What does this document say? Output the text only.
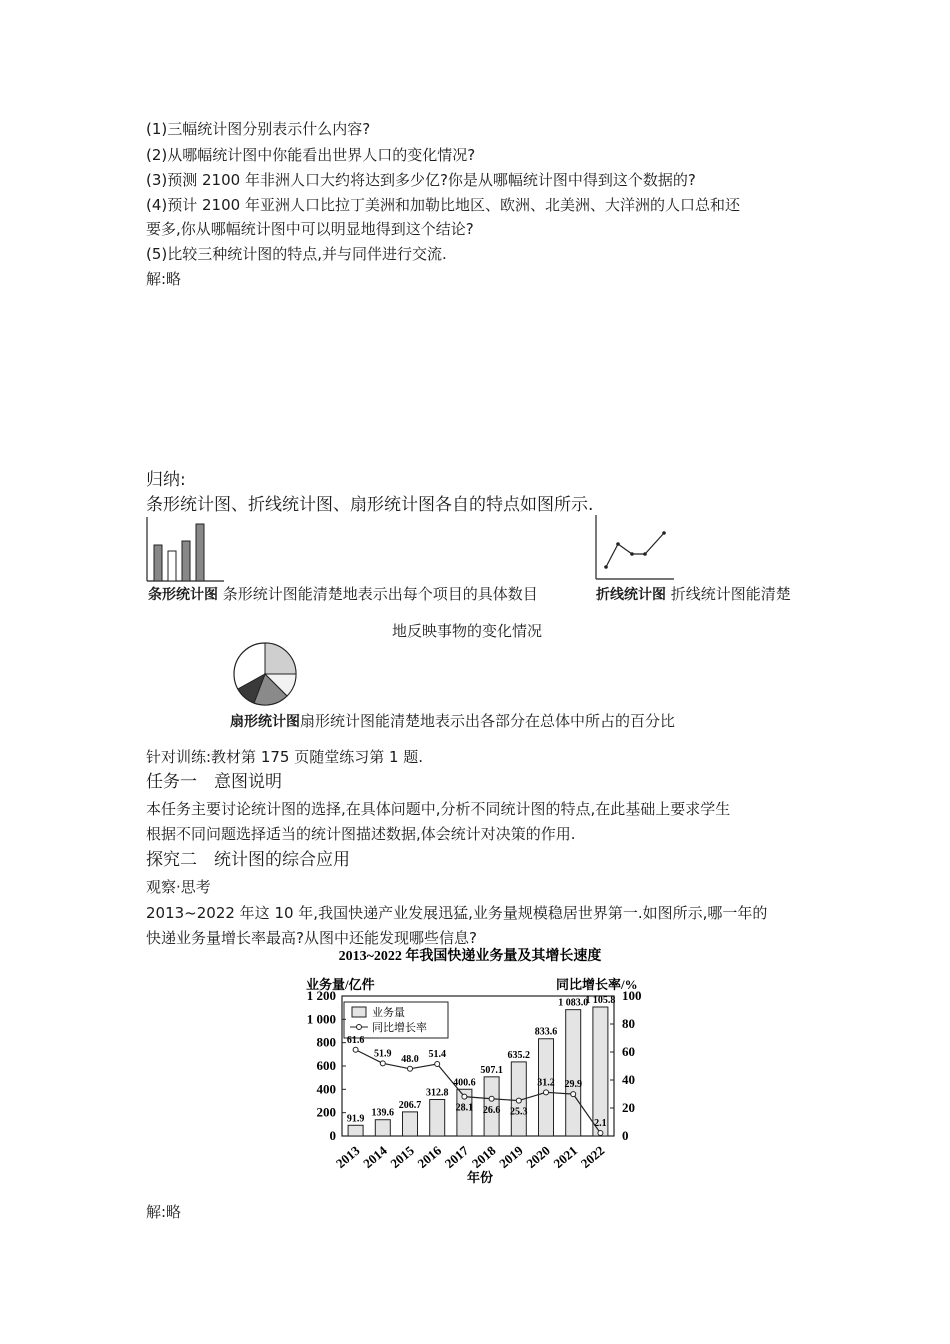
(1)三幅统计图分别表示什么内容?
(2)从哪幅统计图中你能看出世界人口的变化情况?
(3)预测 2100 年非洲人口大约将达到多少亿?你是从哪幅统计图中得到这个数据的?
(4)预计 2100 年亚洲人口比拉丁美洲和加勒比地区、欧洲、北美洲、大洋洲的人口总和还
要多,你从哪幅统计图中可以明显地得到这个结论?
(5)比较三种统计图的特点,并与同伴进行交流.
解:略
归纳:
条形统计图、折线统计图、扇形统计图各自的特点如图所示.
条形统计图 条形统计图能清楚地表示出每个项目的具体数目	折线统计图 折线统计图能清楚
地反映事物的变化情况
扇形统计图扇形统计图能清楚地表示出各部分在总体中所占的百分比
针对训练:教材第 175 页随堂练习第 1 题.
任务一　意图说明
本任务主要讨论统计图的选择,在具体问题中,分析不同统计图的特点,在此基础上要求学生
根据不同问题选择适当的统计图描述数据,体会统计对决策的作用.
探究二　统计图的综合应用
观察·思考
2013~2022 年这 10 年,我国快递产业发展迅猛,业务量规模稳居世界第一.如图所示,哪一年的
快递业务量增长率最高?从图中还能发现哪些信息?
2013~2022 年我国快递业务量及其增长速度
业务量/亿件	同比增长率/%
年份
业务量
同比增长率
0
200
400
600
800
1 000
1 200
0
20
40
60
80
100
91.9
139.6
206.7
312.8
400.6
507.1
635.2
833.6
1 083.0
1 105.8
61.6
51.9 48.0 51.4
28.1 26.6 25.3
31.2 29.9
2.1
2013
2014
2015
2016
2017
2018
2019
2020
2021
2022
解:略
